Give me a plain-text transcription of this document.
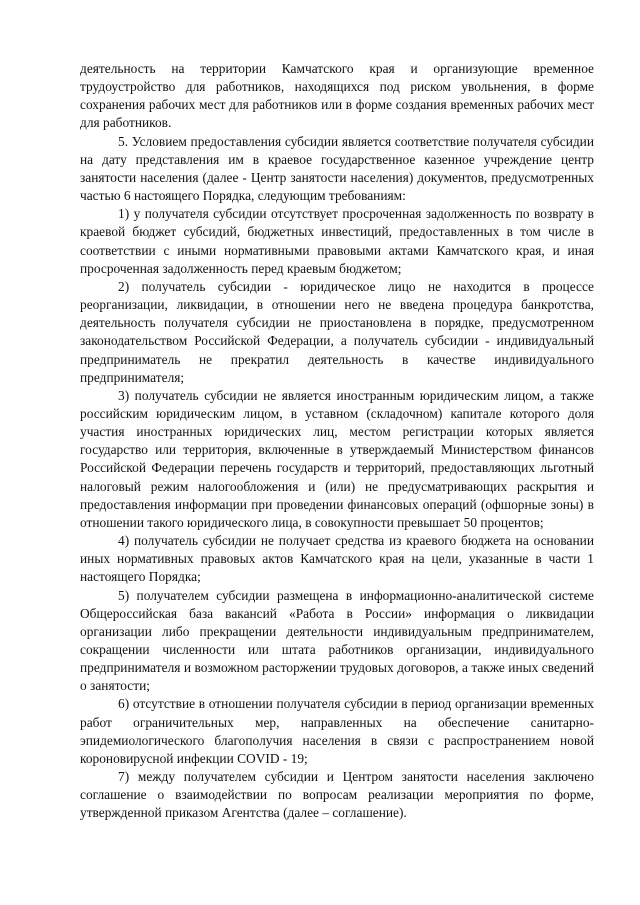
деятельность на территории Камчатского края и организующие временное трудоустройство для работников, находящихся под риском увольнения, в форме сохранения рабочих мест для работников или в форме создания временных рабочих мест для работников.

5. Условием предоставления субсидии является соответствие получателя субсидии на дату представления им в краевое государственное казенное учреждение центр занятости населения (далее - Центр занятости населения) документов, предусмотренных частью 6 настоящего Порядка, следующим требованиям:

1) у получателя субсидии отсутствует просроченная задолженность по возврату в краевой бюджет субсидий, бюджетных инвестиций, предоставленных в том числе в соответствии с иными нормативными правовыми актами Камчатского края, и иная просроченная задолженность перед краевым бюджетом;

2) получатель субсидии - юридическое лицо не находится в процессе реорганизации, ликвидации, в отношении него не введена процедура банкротства, деятельность получателя субсидии не приостановлена в порядке, предусмотренном законодательством Российской Федерации, а получатель субсидии - индивидуальный предприниматель не прекратил деятельность в качестве индивидуального предпринимателя;

3) получатель субсидии не является иностранным юридическим лицом, а также российским юридическим лицом, в уставном (складочном) капитале которого доля участия иностранных юридических лиц, местом регистрации которых является государство или территория, включенные в утверждаемый Министерством финансов Российской Федерации перечень государств и территорий, предоставляющих льготный налоговый режим налогообложения и (или) не предусматривающих раскрытия и предоставления информации при проведении финансовых операций (офшорные зоны) в отношении такого юридического лица, в совокупности превышает 50 процентов;

4) получатель субсидии не получает средства из краевого бюджета на основании иных нормативных правовых актов Камчатского края на цели, указанные в части 1 настоящего Порядка;

5) получателем субсидии размещена в информационно-аналитической системе Общероссийская база вакансий «Работа в России» информация о ликвидации организации либо прекращении деятельности индивидуальным предпринимателем, сокращении численности или штата работников организации, индивидуального предпринимателя и возможном расторжении трудовых договоров, а также иных сведений о занятости;

6) отсутствие в отношении получателя субсидии в период организации временных работ ограничительных мер, направленных на обеспечение санитарно-эпидемиологического благополучия населения в связи с распространением новой короновирусной инфекции COVID - 19;

7) между получателем субсидии и Центром занятости населения заключено соглашение о взаимодействии по вопросам реализации мероприятия по форме, утвержденной приказом Агентства (далее – соглашение).
